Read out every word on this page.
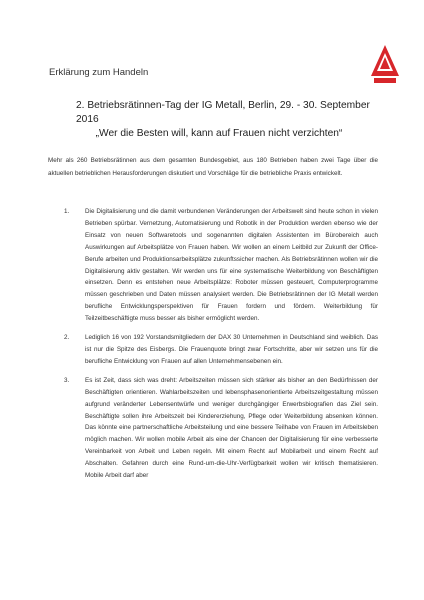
Erklärung zum Handeln
2. Betriebsrätinnen-Tag der IG Metall, Berlin, 29. - 30. September 2016
„Wer die Besten will, kann auf Frauen nicht verzichten“
Mehr als 260 Betriebsrätinnen aus dem gesamten Bundesgebiet, aus 180 Betrieben haben zwei Tage über die aktuellen betrieblichen Herausforderungen diskutiert und Vorschläge für die betriebliche Praxis entwickelt.
1. Die Digitalisierung und die damit verbundenen Veränderungen der Arbeitswelt sind heute schon in vielen Betrieben spürbar. Vernetzung, Automatisierung und Robotik in der Produktion werden ebenso wie der Einsatz von neuen Softwaretools und sogenannten digitalen Assistenten im Bürobereich auch Auswirkungen auf Arbeitsplätze von Frauen haben. Wir wollen an einem Leitbild zur Zukunft der Office-Berufe arbeiten und Produktionsarbeitsplätze zukunftssicher machen. Als Betriebsrätinnen wollen wir die Digitalisierung aktiv gestalten. Wir werden uns für eine systematische Weiterbildung von Beschäftigten einsetzen. Denn es entstehen neue Arbeitsplätze: Roboter müssen gesteuert, Computerprogramme müssen geschrieben und Daten müssen analysiert werden. Die Betriebsrätinnen der IG Metall werden berufliche Entwicklungsperspektiven für Frauen fordern und fördern. Weiterbildung für Teilzeitbeschäftigte muss besser als bisher ermöglicht werden.
2. Lediglich 16 von 192 Vorstandsmitgliedern der DAX 30 Unternehmen in Deutschland sind weiblich. Das ist nur die Spitze des Eisbergs. Die Frauenquote bringt zwar Fortschritte, aber wir setzen uns für die berufliche Entwicklung von Frauen auf allen Unternehmensebenen ein.
3. Es ist Zeit, dass sich was dreht: Arbeitszeiten müssen sich stärker als bisher an den Bedürfnissen der Beschäftigten orientieren. Wahlarbeitszeiten und lebensphasenorientierte Arbeitszeitgestaltung müssen aufgrund veränderter Lebensentwürfe und weniger durchgängiger Erwerbsbiografien das Ziel sein. Beschäftigte sollen ihre Arbeitszeit bei Kindererziehung, Pflege oder Weiterbildung absenken können. Das könnte eine partnerschaftliche Arbeitsteilung und eine bessere Teilhabe von Frauen im Arbeitsleben möglich machen. Wir wollen mobile Arbeit als eine der Chancen der Digitalisierung für eine verbesserte Vereinbarkeit von Arbeit und Leben regeln. Mit einem Recht auf Mobilarbeit und einem Recht auf Abschalten. Gefahren durch eine Rund-um-die-Uhr-Verfügbarkeit wollen wir kritisch thematisieren. Mobile Arbeit darf aber
